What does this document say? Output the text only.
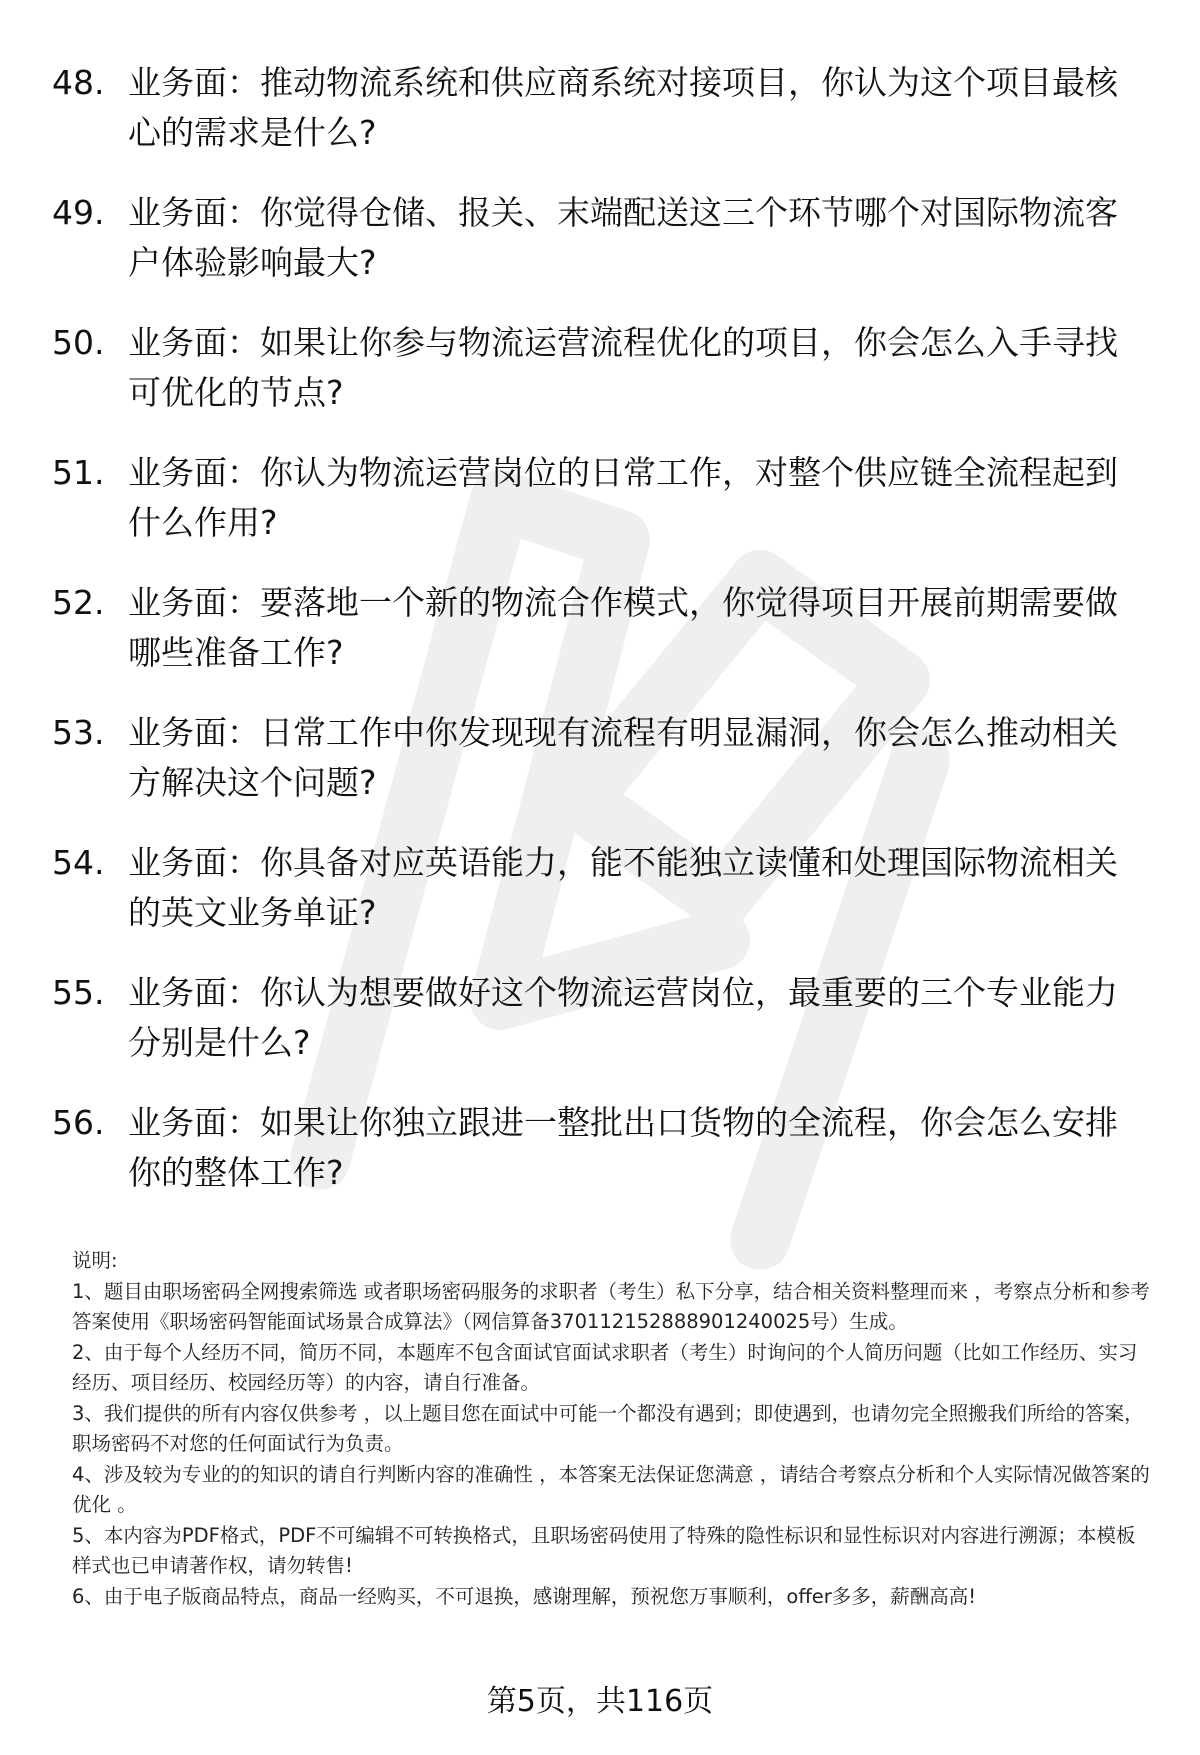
48. 业务面：推动物流系统和供应商系统对接项目，你认为这个项目最核心的需求是什么?
49. 业务面：你觉得仓储、报关、末端配送这三个环节哪个对国际物流客户体验影响最大?
50. 业务面：如果让你参与物流运营流程优化的项目，你会怎么入手寻找可优化的节点?
51. 业务面：你认为物流运营岗位的日常工作，对整个供应链全流程起到什么作用?
52. 业务面：要落地一个新的物流合作模式，你觉得项目开展前期需要做哪些准备工作?
53. 业务面：日常工作中你发现现有流程有明显漏洞，你会怎么推动相关方解决这个问题?
54. 业务面：你具备对应英语能力，能不能独立读懂和处理国际物流相关的英文业务单证?
55. 业务面：你认为想要做好这个物流运营岗位，最重要的三个专业能力分别是什么?
56. 业务面：如果让你独立跟进一整批出口货物的全流程，你会怎么安排你的整体工作?

说明:

1、题目由职场密码全网搜索筛选 或者职场密码服务的求职者（考生）私下分享，结合相关资料整理而来 ，考察点分析和参考答案使用《职场密码智能面试场景合成算法》（网信算备370112152888901240025号）生成。

2、由于每个人经历不同，简历不同，本题库不包含面试官面试求职者（考生）时询问的个人简历问题（比如工作经历、实习经历、项目经历、校园经历等）的内容，请自行准备。

3、我们提供的所有内容仅供参考 ，以上题目您在面试中可能一个都没有遇到；即使遇到，也请勿完全照搬我们所给的答案，职场密码不对您的任何面试行为负责。

4、涉及较为专业的的知识的请自行判断内容的准确性 ，本答案无法保证您满意 ，请结合考察点分析和个人实际情况做答案的优化 。

5、本内容为PDF格式，PDF不可编辑不可转换格式，且职场密码使用了特殊的隐性标识和显性标识对内容进行溯源；本模板样式也已申请著作权，请勿转售!

6、由于电子版商品特点，商品一经购买，不可退换，感谢理解，预祝您万事顺利，offer多多，薪酬高高!

第5页，共116页
